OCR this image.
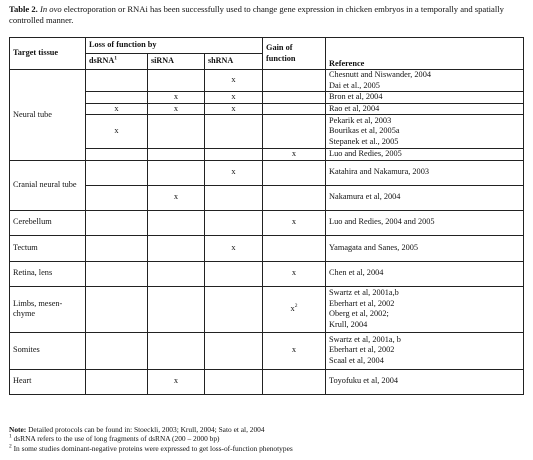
Table 2. In ovo electroporation or RNAi has been successfully used to change gene expression in chicken embryos in a temporally and spatially controlled manner.
Target tissue	Loss of function by			Gain of function	Reference
	dsRNA$^1$	siRNA	shRNA		
Neural tube			x		Chesnutt and Niswander, 2004
Dai et al., 2005

		x	x		Bron et al, 2004

	x	x	x		Rao et al, 2004

	x				Pekarik et al, 2003
Bourikas et al, 2005a
Stepanek et al., 2005

				x	Luo and Redies, 2005

Cranial neural tube			x		Katahira and Nakamura, 2003

		x			Nakamura et al, 2004

Cerebellum				x	Luo and Redies, 2004 and 2005

Tectum			x		Yamagata and Sanes, 2005

Retina, lens				x	Chen et al, 2004

Limbs, mesen-chyme				$x^2$	Swartz et al, 2001a,b
Eberhart et al, 2002
Oberg et al, 2002;
Krull, 2004

Somites				x	Swartz et al, 2001a, b
Eberhart et al, 2002
Scaal et al, 2004

Heart		x			Toyofuku et al, 2004
Note: Detailed protocols can be found in: Stoeckli, 2003; Krull, 2004; Sato et al, 2004
$^1$ dsRNA refers to the use of long fragments of dsRNA (200 – 2000 bp)
$^2$ In some studies dominant-negative proteins were expressed to get loss-of-function phenotypes
